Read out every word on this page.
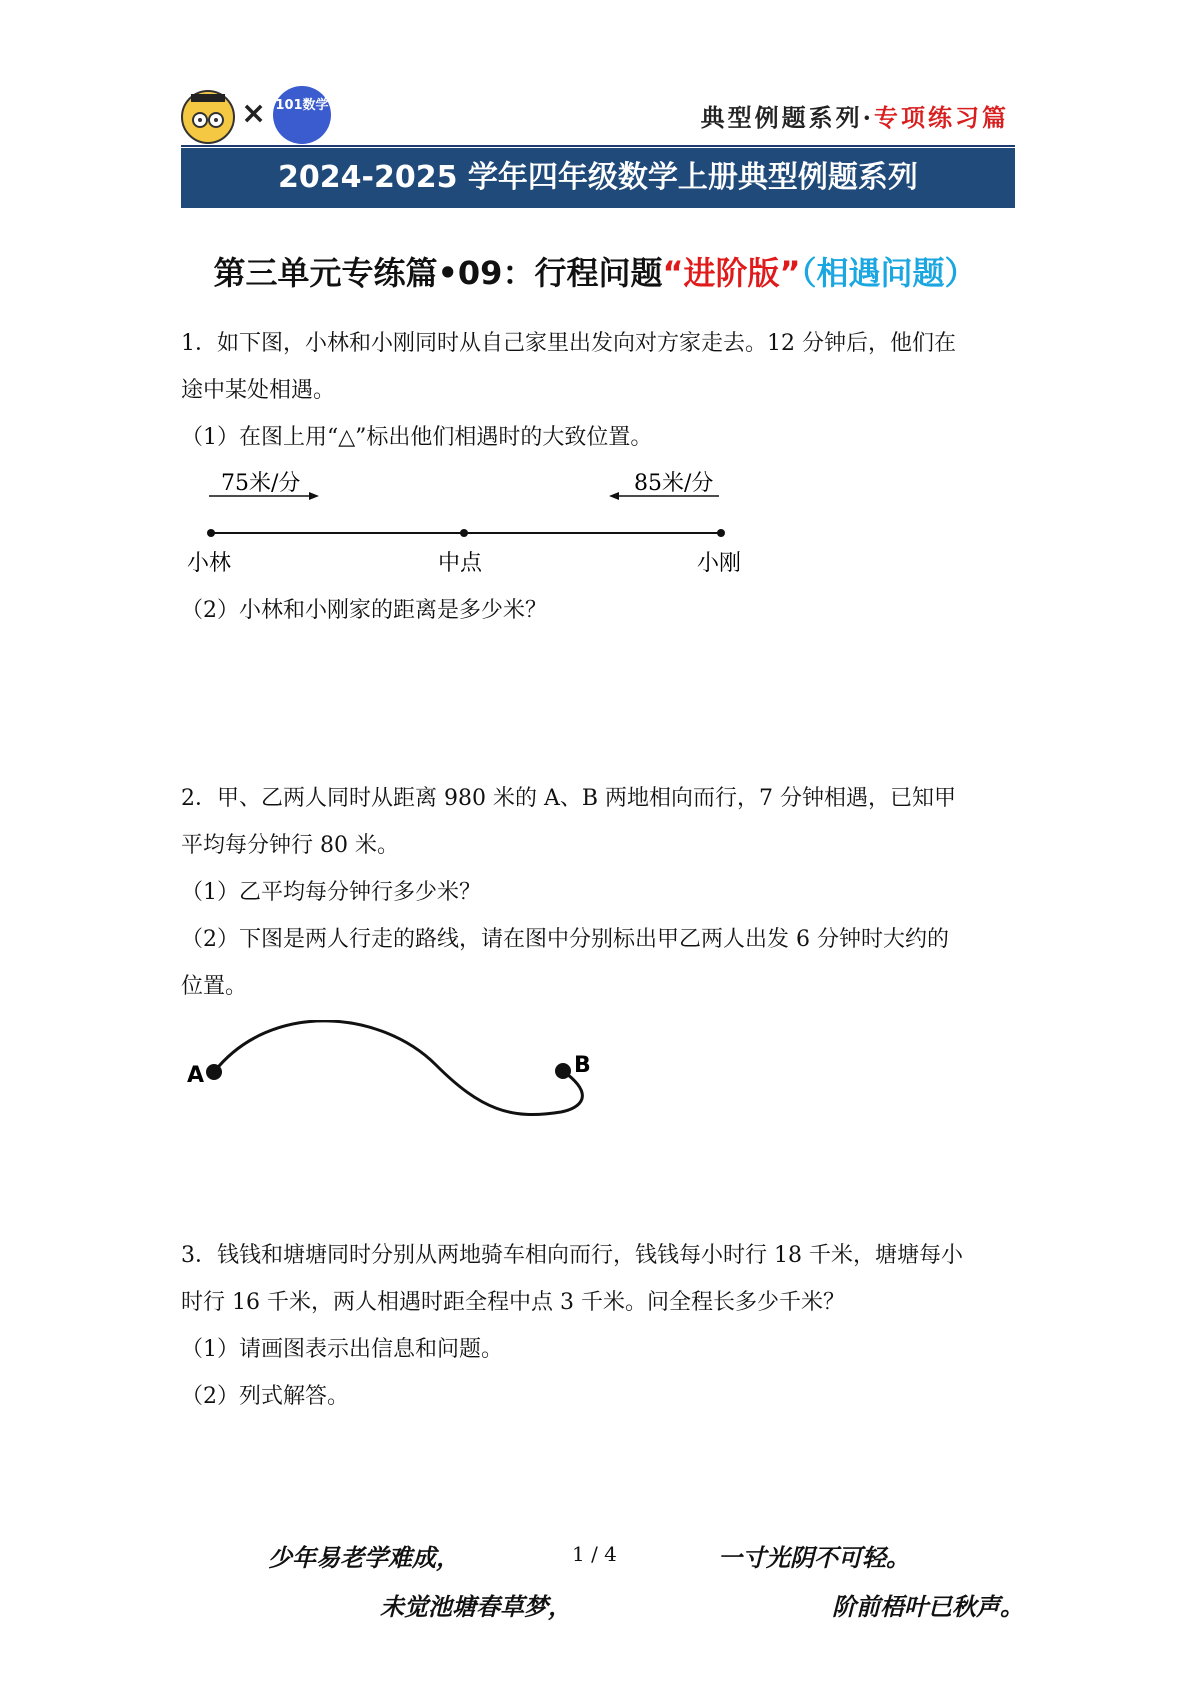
× 101数学	典型例题系列·专项练习篇
2024-2025 学年四年级数学上册典型例题系列
第三单元专练篇•09：行程问题“进阶版”（相遇问题）
1．如下图，小林和小刚同时从自己家里出发向对方家走去。12 分钟后，他们在
途中某处相遇。
（1）在图上用“△”标出他们相遇时的大致位置。
75米/分	85米/分
小林	中点	小刚
（2）小林和小刚家的距离是多少米？
2．甲、乙两人同时从距离 980 米的 A、B 两地相向而行，7 分钟相遇，已知甲
平均每分钟行 80 米。
（1）乙平均每分钟行多少米？
（2）下图是两人行走的路线，请在图中分别标出甲乙两人出发 6 分钟时大约的
位置。
A	B
3．钱钱和塘塘同时分别从两地骑车相向而行，钱钱每小时行 18 千米，塘塘每小
时行 16 千米，两人相遇时距全程中点 3 千米。问全程长多少千米？
（1）请画图表示出信息和问题。
（2）列式解答。
少年易老学难成，	1 / 4	一寸光阴不可轻。
未觉池塘春草梦，	阶前梧叶已秋声。
